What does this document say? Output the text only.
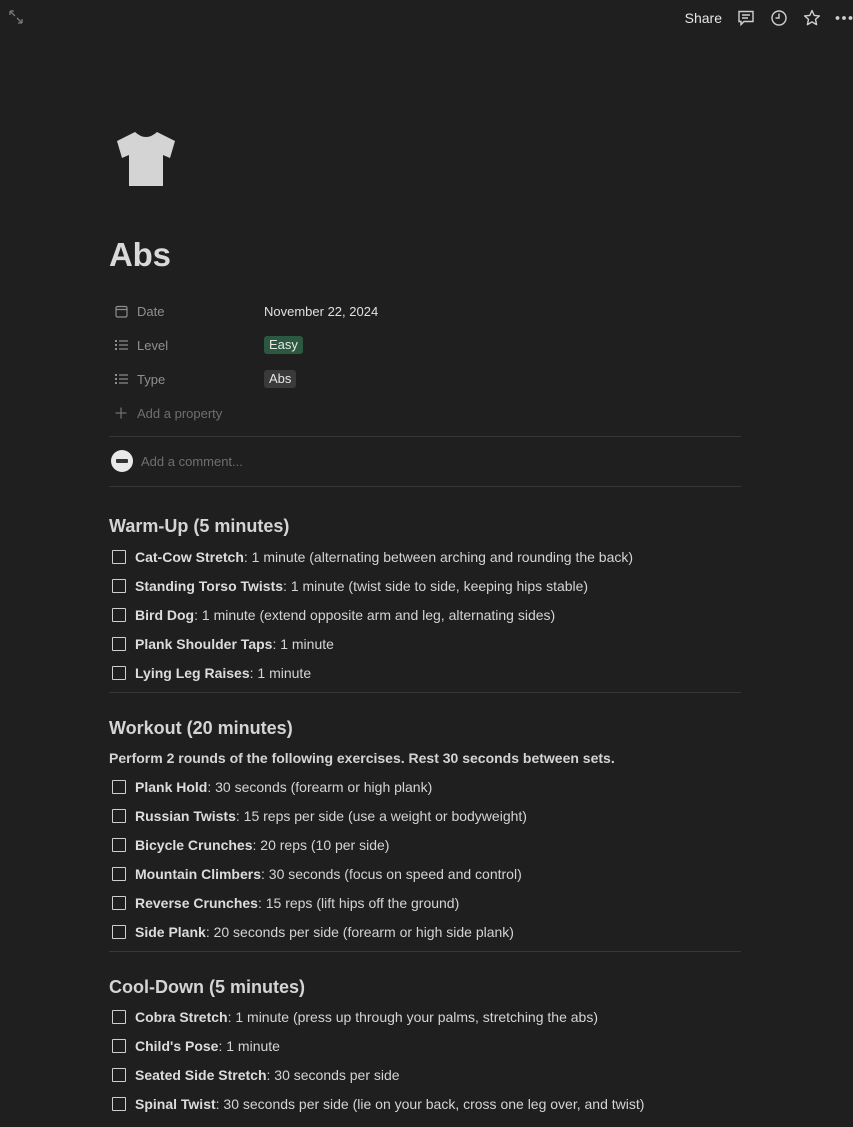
Share
Abs
Date	November 22, 2024
Level	Easy
Type	Abs
Add a property
Add a comment...
Warm-Up (5 minutes)
Cat-Cow Stretch: 1 minute (alternating between arching and rounding the back)
Standing Torso Twists: 1 minute (twist side to side, keeping hips stable)
Bird Dog: 1 minute (extend opposite arm and leg, alternating sides)
Plank Shoulder Taps: 1 minute
Lying Leg Raises: 1 minute
Workout (20 minutes)
Perform 2 rounds of the following exercises. Rest 30 seconds between sets.
Plank Hold: 30 seconds (forearm or high plank)
Russian Twists: 15 reps per side (use a weight or bodyweight)
Bicycle Crunches: 20 reps (10 per side)
Mountain Climbers: 30 seconds (focus on speed and control)
Reverse Crunches: 15 reps (lift hips off the ground)
Side Plank: 20 seconds per side (forearm or high side plank)
Cool-Down (5 minutes)
Cobra Stretch: 1 minute (press up through your palms, stretching the abs)
Child's Pose: 1 minute
Seated Side Stretch: 30 seconds per side
Spinal Twist: 30 seconds per side (lie on your back, cross one leg over, and twist)
